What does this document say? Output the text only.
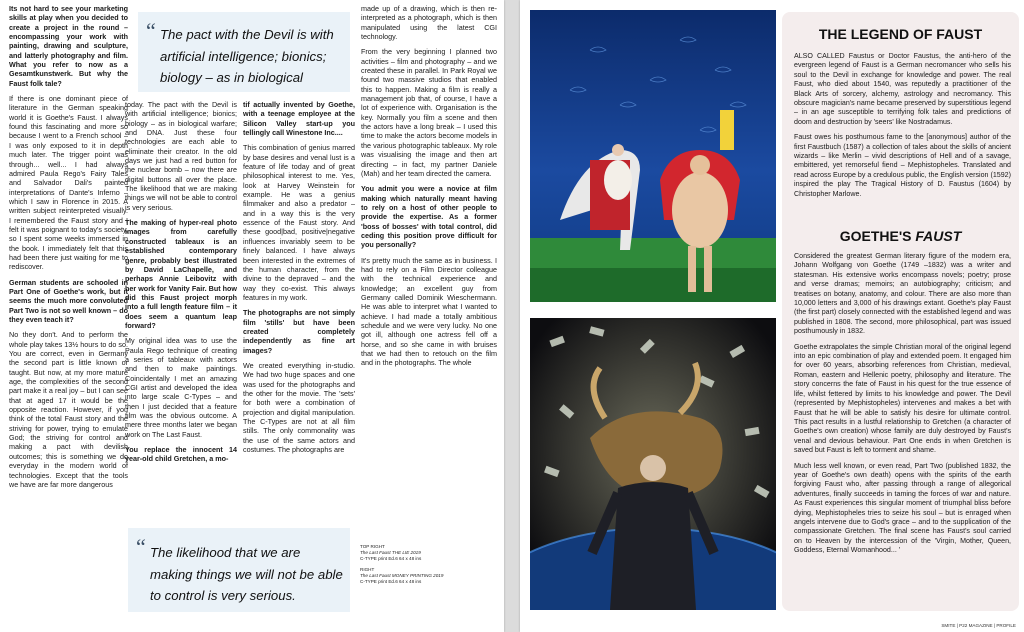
Its not hard to see your marketing skills at play when you decided to create a project in the round – encompassing your work with painting, drawing and sculpture, and latterly photography and film. What you refer to now as a Gesamtkunstwerk. But why the Faust folk tale?

If there is one dominant piece of literature in the German speaking world it is Goethe's Faust. I always found this fascinating and more so because I went to a French school – I was only exposed to it in depth much later. The trigger point was through... well... I had always admired Paula Rego's Fairy Tales and Salvador Dali's painted interpretations of Dante's Inferno – which I saw in Florence in 2015. A written subject reinterpreted visually. I remembered the Faust story and I felt it was poignant to today's society, so I spent some weeks immersed in the book. I immediately felt that this had been there just waiting for me to rediscover.

German students are schooled in Part One of Goethe's work, but it seems the much more convoluted Part Two is not so well known – do they even teach it?

No they don't. And to perform the whole play takes 13½ hours to do so. You are correct, even in Germany the second part is little known or taught. But now, at my more mature age, the complexities of the second part make it a real joy – but I can see that at aged 17 it would be the opposite reaction. However, if you think of the total Faust story and the striving for power, trying to emulate God; the striving for control and making a pact with devilish outcomes; this is something we do everyday in the modern world of technologies. Except that the tools we have are far more dangerous

“ The pact with the Devil is with artificial intelligence; bionics; biology – as in biological

today. The pact with the Devil is with artificial intelligence; bionics; biology – as in biological warfare; and DNA. Just these four technologies are each able to eliminate their creator. In the old days we just had a red button for the nuclear bomb – now there are digital buttons all over the place. The likelihood that we are making things we will not be able to control is very serious.

The making of hyper-real photo images from carefully constructed tableaux is an established contemporary genre, probably best illustrated by David LaChapelle, and perhaps Annie Leibovitz with her work for Vanity Fair. But how did this Faust project morph into a full length feature film – it does seem a quantum leap forward?

My original idea was to use the Paula Rego technique of creating a series of tableaux with actors and then to make paintings. Coincidentally I met an amazing CGI artist and developed the idea into large scale C-Types – and then I just decided that a feature film was the obvious outcome. A mere three months later we began work on The Last Faust.

You replace the innocent 14 year-old child Gretchen, a mo-

tif actually invented by Goethe, with a teenage employee at the Silicon Valley start-up you tellingly call Winestone Inc....

This combination of genius marred by base desires and venal lust is a feature of life today and of great philosophical interest to me. Yes, look at Harvey Weinstein for example. He was a genius filmmaker and also a predator – and in a way this is the very essence of the Faust story. And these good|bad, positive|negative influences invariably seem to be finely balanced. I have always been interested in the extremes of the human character, from the divine to the depraved – and the way they co-exist. This always features in my work.

The photographs are not simply film 'stills' but have been created completely independently as fine art images?

We created everything in-studio. We had two huge spaces and one was used for the photographs and the other for the movie. The 'sets' for both were a combination of projection and digital manipulation. The C-Types are not at all film stills. The only commonality was the use of the same actors and costumes. The photographs are

made up of a drawing, which is then re-interpreted as a photograph, which is then manipulated using the latest CGI technology.

From the very beginning I planned two activities – film and photography – and we created these in parallel. In Park Royal we found two massive studios that enabled this to happen. Making a film is really a management job that, of course, I have a lot of experience with. Organisation is the key. Normally you film a scene and then the actors have a long break – I used this time to make the actors become models in the various photographic tableaux. My role was visualising the image and then art directing – in fact, my partner Daniele (Mah) and her team directed the camera.

You admit you were a novice at film making which naturally meant having to rely on a host of other people to provide the expertise. As a former 'boss of bosses' with total control, did ceding this position prove difficult for you personally?

It's pretty much the same as in business. I had to rely on a Film Director colleague with the technical experience and knowledge; an excellent guy from Germany called Dominik Wieschermann. He was able to interpret what I wanted to achieve. I had made a totally ambitious schedule and we were very lucky. No one got ill, although one actress fell off a horse, and so she came in with bruises that we had then to retouch on the film and in the photographs. The whole

“ The likelihood that we are making things we will not be able to control is very serious.
TOP RIGHT
The Last Faust THE LIE 2019
C-TYPE print Ed.6 64 x 48 ins
RIGHT
The Last Faust MONEY PRINTING 2019
C-TYPE print Ed.6 64 x 48 ins
THE LEGEND OF FAUST

ALSO CALLED Faustus or Doctor Faustus, the anti-hero of the evergreen legend of Faust is a German necromancer who sells his soul to the Devil in exchange for knowledge and power. The real Faust, who died about 1540, was reputedly a practitioner of the Black Arts of sorcery, alchemy, astrology and necromancy. This obscure magician's name became preserved by superstitious legend – in an age susceptible to terrifying folk tales and predictions of doom and destruction by 'seers' like Nostradamus.

Faust owes his posthumous fame to the [anonymous] author of the first Faustbuch (1587) a collection of tales about the skills of ancient wizards – like Merlin – vivid descriptions of Hell and of a savage, embittered, yet remorseful fiend – Mephistopheles. Translated and read across Europe by a credulous public, the English version (1592) inspired the play The Tragical History of D. Faustus (1604) by Christopher Marlowe.

GOETHE'S FAUST

Considered the greatest German literary figure of the modern era, Johann Wolfgang von Goethe (1749 –1832) was a writer and statesman. His extensive works encompass novels; poetry; prose and verse dramas; memoirs; an autobiography; criticism; and treatises on botany, anatomy, and colour. There are also more than 10,000 letters and 3,000 of his drawings extant. Goethe's play Faust (the first part) closely connected with the established legend and was published in 1808. The second, more philosophical, part was issued posthumously in 1832.

Goethe extrapolates the simple Christian moral of the original legend into an epic combination of play and extended poem. It engaged him for over 60 years, absorbing references from Christian, medieval, Roman, eastern and Hellenic poetry, philosophy and literature. The story concerns the fate of Faust in his quest for the true essence of life, whilst fettered by limits to his knowledge and power. The Devil (represented by Mephistopheles) intervenes and makes a bet with Faust that he will be able to satisfy his desire for ultimate control. This pact results in a lustful relationship to Gretchen (a character of Goethe's own creation) whose family are duly destroyed by Faust's venal and devious behaviour. Part One ends in when Gretchen is saved but Faust is left to torment and shame.

Much less well known, or even read, Part Two (published 1832, the year of Goethe's own death) opens with the spirits of the earth forgiving Faust who, after passing through a range of allegorical adventures, finally succeeds in taming the forces of war and nature. As Faust experiences this singular moment of triumphal bliss before dying, Mephistopheles tries to seize his soul – but is enraged when angels intervene due to God's grace – and to the supplication of the compassionate Gretchen. The final scene has Faust's soul carried on to Heaven by the intercession of the 'Virgin, Mother, Queen, Goddess, Eternal Womanhood... '

SMITE | P22 MAGAZINE | PROFILE
